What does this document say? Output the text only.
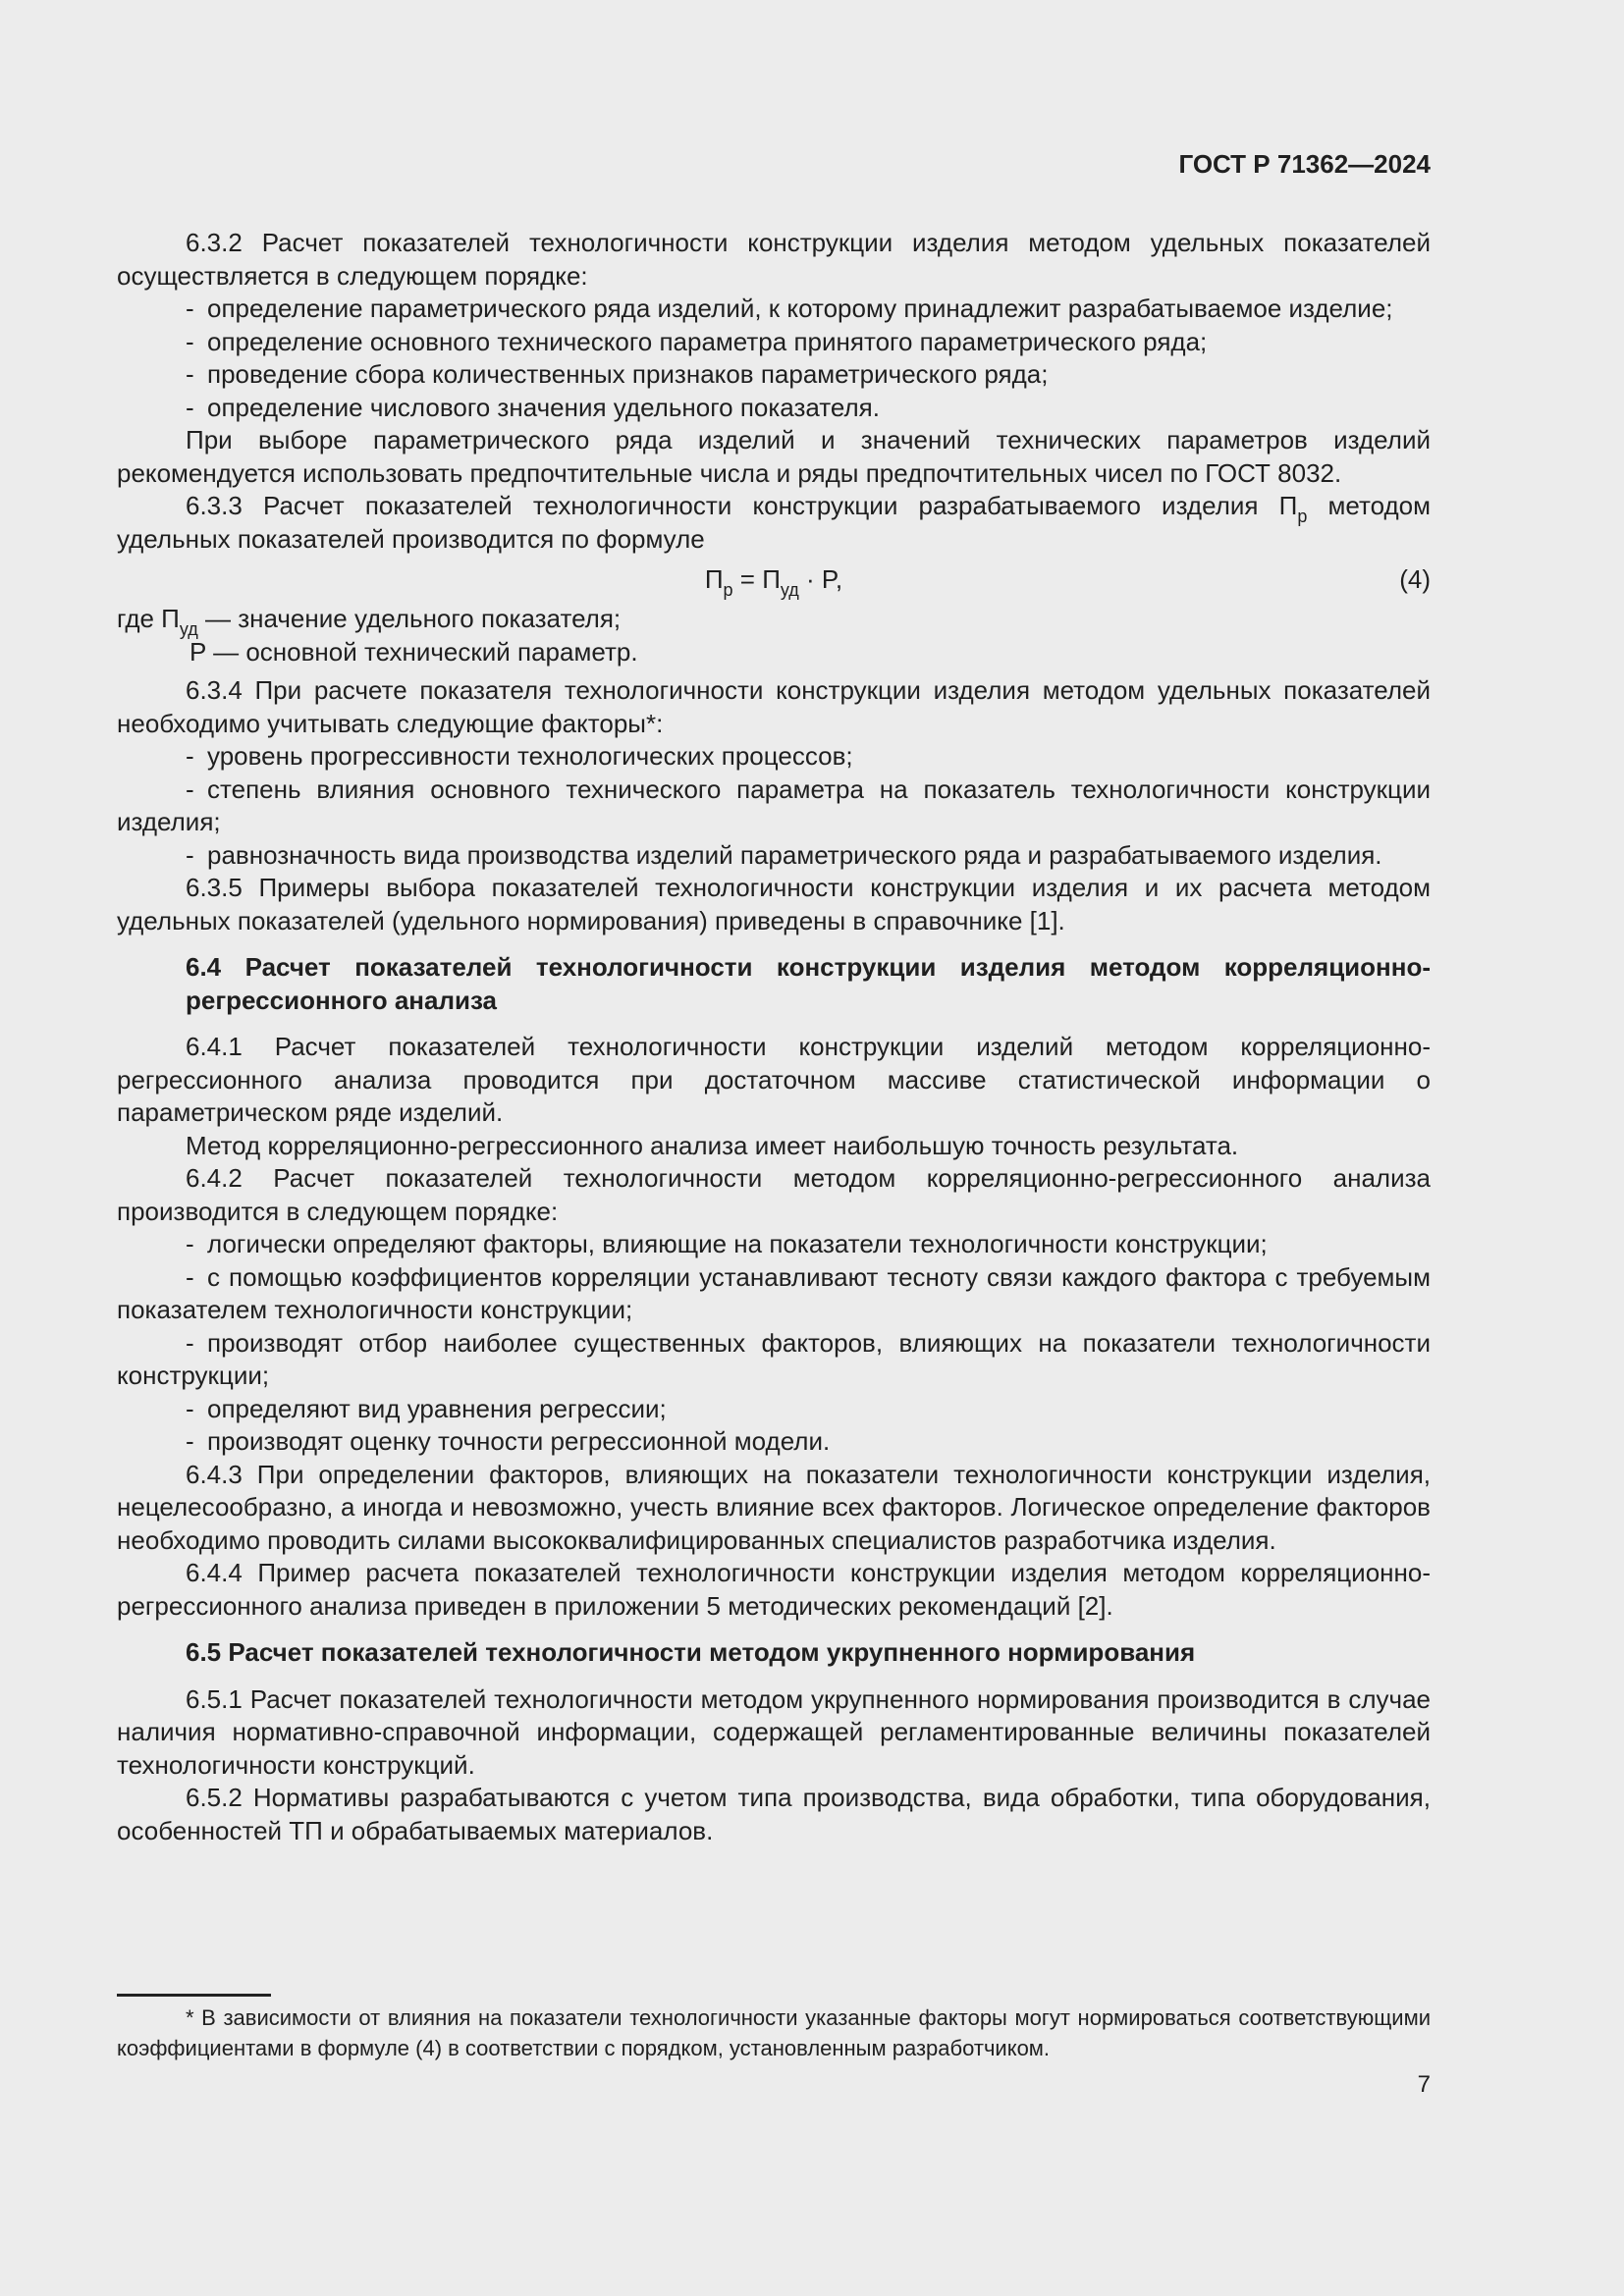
ГОСТ Р 71362—2024

6.3.2 Расчет показателей технологичности конструкции изделия методом удельных показателей осуществляется в следующем порядке:

- определение параметрического ряда изделий, к которому принадлежит разрабатываемое изделие;

- определение основного технического параметра принятого параметрического ряда;

- проведение сбора количественных признаков параметрического ряда;

- определение числового значения удельного показателя.

При выборе параметрического ряда изделий и значений технических параметров изделий рекомендуется использовать предпочтительные числа и ряды предпочтительных чисел по ГОСТ 8032.

6.3.3 Расчет показателей технологичности конструкции разрабатываемого изделия $П_р$ методом удельных показателей производится по формуле

$П_р = П_{уд} \cdot P$,	(4)

где $П_{уд}$ — значение удельного показателя;

P — основной технический параметр.

6.3.4 При расчете показателя технологичности конструкции изделия методом удельных показателей необходимо учитывать следующие факторы*:

- уровень прогрессивности технологических процессов;

- степень влияния основного технического параметра на показатель технологичности конструкции изделия;

- равнозначность вида производства изделий параметрического ряда и разрабатываемого изделия.

6.3.5 Примеры выбора показателей технологичности конструкции изделия и их расчета методом удельных показателей (удельного нормирования) приведены в справочнике [1].

6.4 Расчет показателей технологичности конструкции изделия методом корреляционно-регрессионного анализа

6.4.1 Расчет показателей технологичности конструкции изделий методом корреляционно-регрессионного анализа проводится при достаточном массиве статистической информации о параметрическом ряде изделий.

Метод корреляционно-регрессионного анализа имеет наибольшую точность результата.

6.4.2 Расчет показателей технологичности методом корреляционно-регрессионного анализа производится в следующем порядке:

- логически определяют факторы, влияющие на показатели технологичности конструкции;

- с помощью коэффициентов корреляции устанавливают тесноту связи каждого фактора с требуемым показателем технологичности конструкции;

- производят отбор наиболее существенных факторов, влияющих на показатели технологичности конструкции;

- определяют вид уравнения регрессии;

- производят оценку точности регрессионной модели.

6.4.3 При определении факторов, влияющих на показатели технологичности конструкции изделия, нецелесообразно, а иногда и невозможно, учесть влияние всех факторов. Логическое определение факторов необходимо проводить силами высококвалифицированных специалистов разработчика изделия.

6.4.4 Пример расчета показателей технологичности конструкции изделия методом корреляционно-регрессионного анализа приведен в приложении 5 методических рекомендаций [2].

6.5 Расчет показателей технологичности методом укрупненного нормирования

6.5.1 Расчет показателей технологичности методом укрупненного нормирования производится в случае наличия нормативно-справочной информации, содержащей регламентированные величины показателей технологичности конструкций.

6.5.2 Нормативы разрабатываются с учетом типа производства, вида обработки, типа оборудования, особенностей ТП и обрабатываемых материалов.

* В зависимости от влияния на показатели технологичности указанные факторы могут нормироваться соответствующими коэффициентами в формуле (4) в соответствии с порядком, установленным разработчиком.

7
